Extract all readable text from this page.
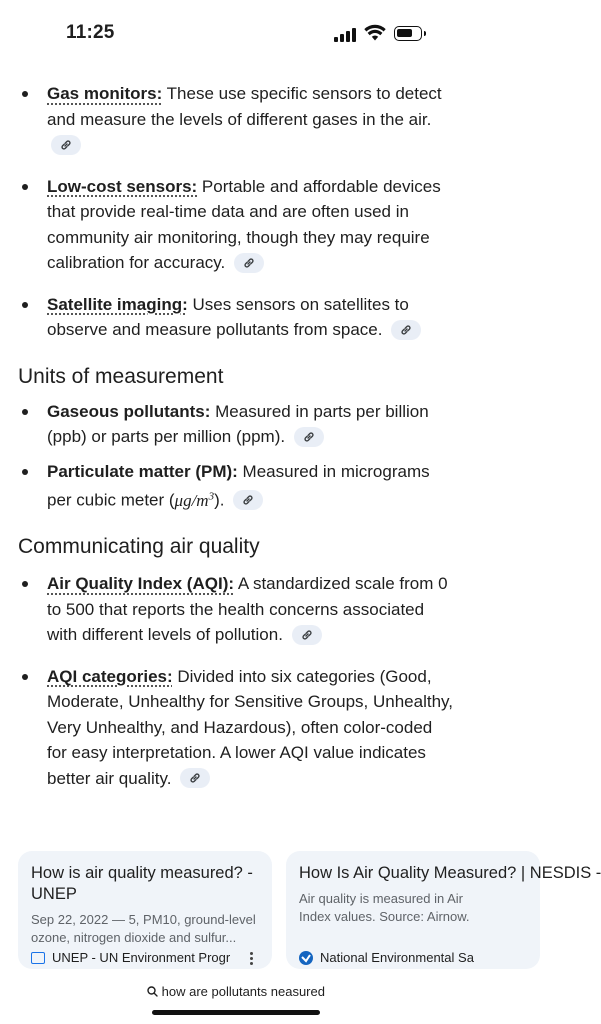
11:25
Gas monitors: These use specific sensors to detect and measure the levels of different gases in the air.
Low-cost sensors: Portable and affordable devices that provide real-time data and are often used in community air monitoring, though they may require calibration for accuracy.
Satellite imaging: Uses sensors on satellites to observe and measure pollutants from space.
Units of measurement
Gaseous pollutants: Measured in parts per billion (ppb) or parts per million (ppm).
Particulate matter (PM): Measured in micrograms per cubic meter $(\mu g/m^3)$.
Communicating air quality
Air Quality Index (AQI): A standardized scale from 0 to 500 that reports the health concerns associated with different levels of pollution.
AQI categories: Divided into six categories (Good, Moderate, Unhealthy for Sensitive Groups, Unhealthy, Very Unhealthy, and Hazardous), often color-coded for easy interpretation. A lower AQI value indicates better air quality.
How is air quality measured? - UNEP
Sep 22, 2022 — 5, PM10, ground-level
ozone, nitrogen dioxide and sulfur...
UNEP - UN Environment Progr
How Is Air Quality Measured? | NESDIS -
Air quality is measured in Air
Index values. Source: Airnow.
National Environmental Sa
how are pollutants neasured
